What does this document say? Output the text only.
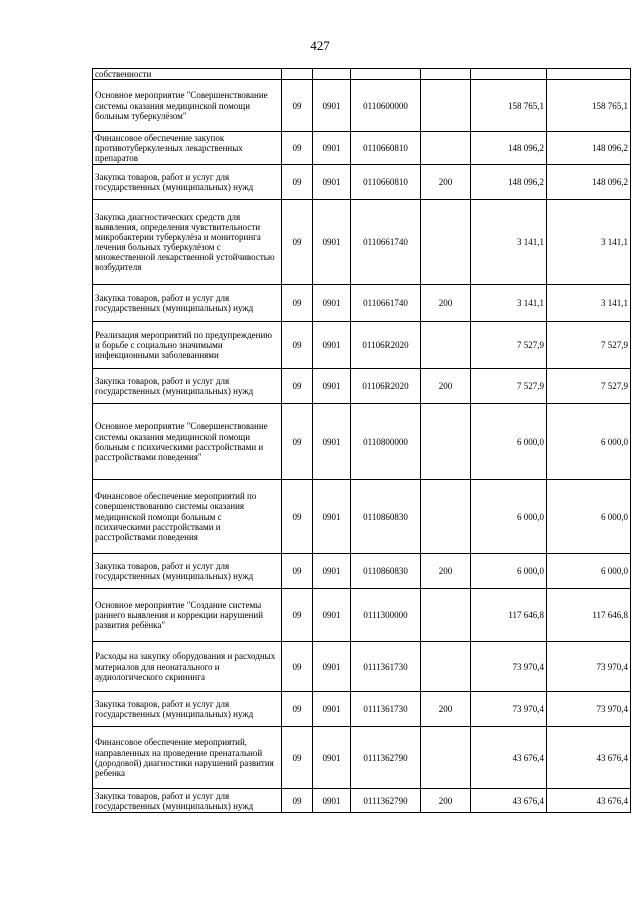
427
собственности						
Основное мероприятие "Совершенствование системы оказания медицинской помощи больным туберкулёзом"	09	0901	0110600000		158 765,1	158 765,1
Финансовое обеспечение закупок противотуберкулезных лекарственных препаратов	09	0901	0110660810		148 096,2	148 096,2
Закупка товаров, работ и услуг для государственных (муниципальных) нужд	09	0901	0110660810	200	148 096,2	148 096,2
Закупка диагностических средств для выявления, определения чувствительности микробактерии туберкулёза и мониторинга лечения больных туберкулёзом с множественной лекарственной устойчивостью возбудителя	09	0901	0110661740		3 141,1	3 141,1
Закупка товаров, работ и услуг для государственных (муниципальных) нужд	09	0901	0110661740	200	3 141,1	3 141,1
Реализация мероприятий по предупреждению и борьбе с социально значимыми инфекционными заболеваниями	09	0901	01106R2020		7 527,9	7 527,9
Закупка товаров, работ и услуг для государственных (муниципальных) нужд	09	0901	01106R2020	200	7 527,9	7 527,9
Основное мероприятие "Совершенствование системы оказания медицинской помощи больным с психическими расстройствами и расстройствами поведения"	09	0901	0110800000		6 000,0	6 000,0
Финансовое обеспечение мероприятий по совершенствованию системы оказания медицинской помощи больным с психическими расстройствами и расстройствами поведения	09	0901	0110860830		6 000,0	6 000,0
Закупка товаров, работ и услуг для государственных (муниципальных) нужд	09	0901	0110860830	200	6 000,0	6 000,0
Основное мероприятие "Создание системы раннего выявления и коррекции нарушений развития ребёнка"	09	0901	0111300000		117 646,8	117 646,8
Расходы на закупку оборудования и расходных материалов для неонатального и аудиологического скрининга	09	0901	0111361730		73 970,4	73 970,4
Закупка товаров, работ и услуг для государственных (муниципальных) нужд	09	0901	0111361730	200	73 970,4	73 970,4
Финансовое обеспечение мероприятий, направленных на проведение пренатальной (дородовой) диагностики нарушений развития ребенка	09	0901	0111362790		43 676,4	43 676,4
Закупка товаров, работ и услуг для государственных (муниципальных) нужд	09	0901	0111362790	200	43 676,4	43 676,4
